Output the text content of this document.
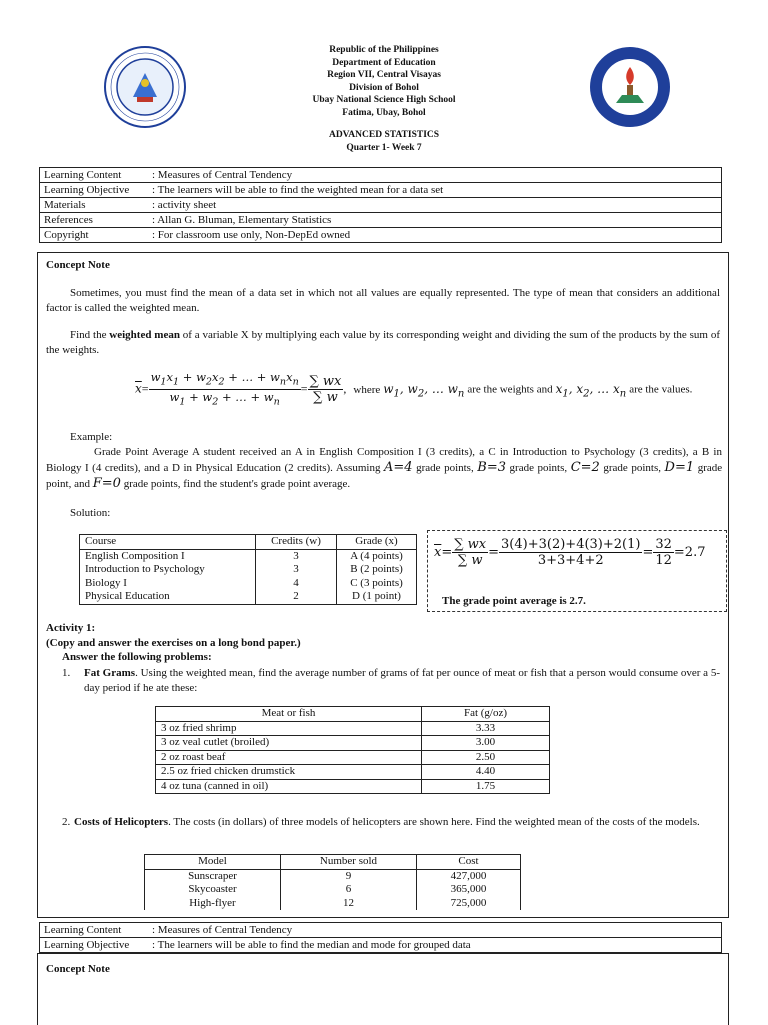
Republic of the Philippines
Department of Education
Region VII, Central Visayas
Division of Bohol
Ubay National Science High School
Fatima, Ubay, Bohol
ADVANCED STATISTICS
Quarter 1- Week 7
Learning Content	: Measures of Central Tendency
Learning Objective	: The learners will be able to find the weighted mean for a data set
Materials	: activity sheet
References	: Allan G. Bluman, Elementary Statistics
Copyright	: For classroom use only, Non-DepEd owned
Concept Note
Sometimes, you must find the mean of a data set in which not all values are equally represented. The type of mean that considers an additional factor is called the weighted mean.
Find the weighted mean of a variable X by multiplying each value by its corresponding weight and dividing the sum of the products by the sum of the weights.
$\overline{x}= \frac{w_1x_1 + w_2x_2 + \dots + w_nx_n}{w_1 + w_2 + \dots + w_n} = \frac{\sum wx}{\sum w}$ , where $w_1$, $w_2$, … $w_n$ are the weights and $x_1$, $x_2$, … $x_n$ are the values.
Example:
Grade Point Average A student received an A in English Composition I (3 credits), a C in Introduction to Psychology (3 credits), a B in Biology I (4 credits), and a D in Physical Education (2 credits). Assuming A=4 grade points, B=3 grade points, C=2 grade points, D=1 grade point, and F=0 grade points, find the student's grade point average.
Solution:
Course	Credits (w)	Grade (x)
English Composition I	3	A (4 points)
Introduction to Psychology	3	B (2 points)
Biology I	4	C (3 points)
Physical Education	2	D (1 point)
$\overline{x}= \frac{\sum wx}{\sum w} = \frac{3(4)+3(2)+4(3)+2(1)}{3+3+4+2} = \frac{32}{12} =2.7$
The grade point average is 2.7.
Activity 1:
(Copy and answer the exercises on a long bond paper.)
Answer the following problems:
1. Fat Grams. Using the weighted mean, find the average number of grams of fat per ounce of meat or fish that a person would consume over a 5-day period if he ate these:
Meat or fish	Fat (g/oz)
3 oz fried shrimp	3.33
3 oz veal cutlet (broiled)	3.00
2 oz roast beaf	2.50
2.5 oz fried chicken drumstick	4.40
4 oz tuna (canned in oil)	1.75
2. Costs of Helicopters. The costs (in dollars) of three models of helicopters are shown here. Find the weighted mean of the costs of the models.
Model	Number sold	Cost
Sunscraper	9	427,000
Skycoaster	6	365,000
High-flyer	12	725,000
Learning Content	: Measures of Central Tendency
Learning Objective	: The learners will be able to find the median and mode for grouped data
Concept Note
